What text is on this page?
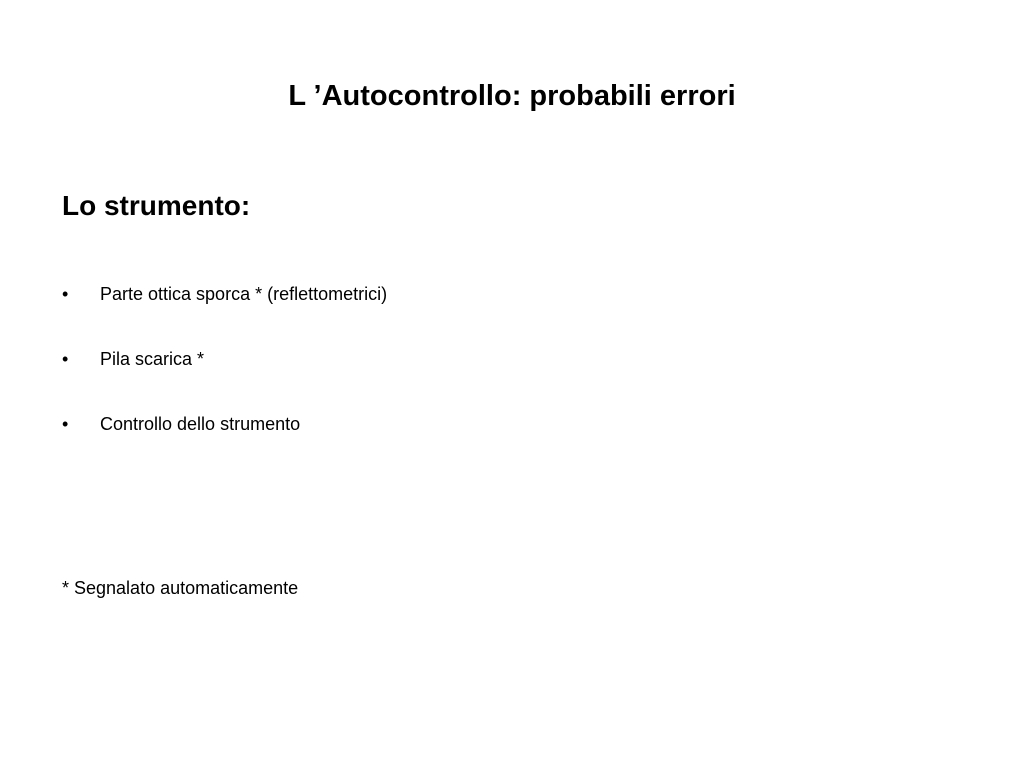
L ’Autocontrollo: probabili errori
Lo strumento:
•	Parte ottica sporca * (reflettometrici)
•	Pila scarica *
•	Controllo dello strumento

* Segnalato automaticamente
